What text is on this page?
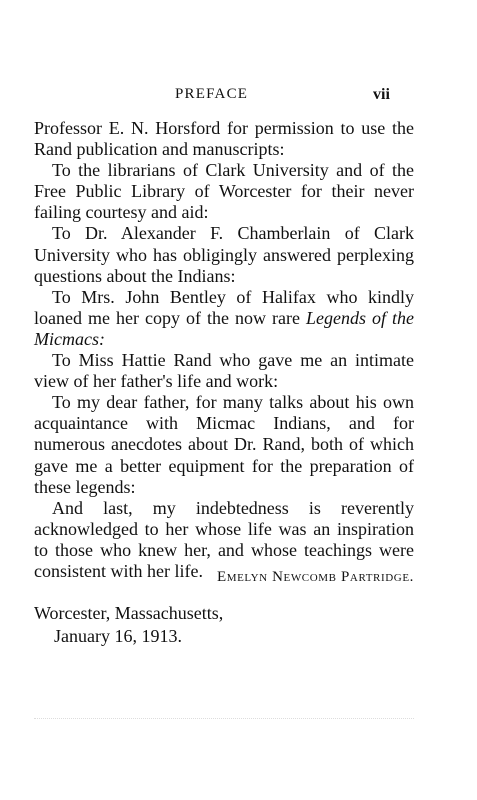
PREFACE	vii

Professor E. N. Horsford for permission to use the Rand publication and manuscripts:

To the librarians of Clark University and of the Free Public Library of Worcester for their never failing courtesy and aid:

To Dr. Alexander F. Chamberlain of Clark University who has obligingly answered perplexing questions about the Indians:

To Mrs. John Bentley of Halifax who kindly loaned me her copy of the now rare Legends of the Micmacs:

To Miss Hattie Rand who gave me an intimate view of her father's life and work:

To my dear father, for many talks about his own acquaintance with Micmac Indians, and for numerous anecdotes about Dr. Rand, both of which gave me a better equipment for the preparation of these legends:

And last, my indebtedness is reverently acknowledged to her whose life was an inspiration to those who knew her, and whose teachings were consistent with her life. Emelyn Newcomb Partridge.
Worcester, Massachusetts,
January 16, 1913.
